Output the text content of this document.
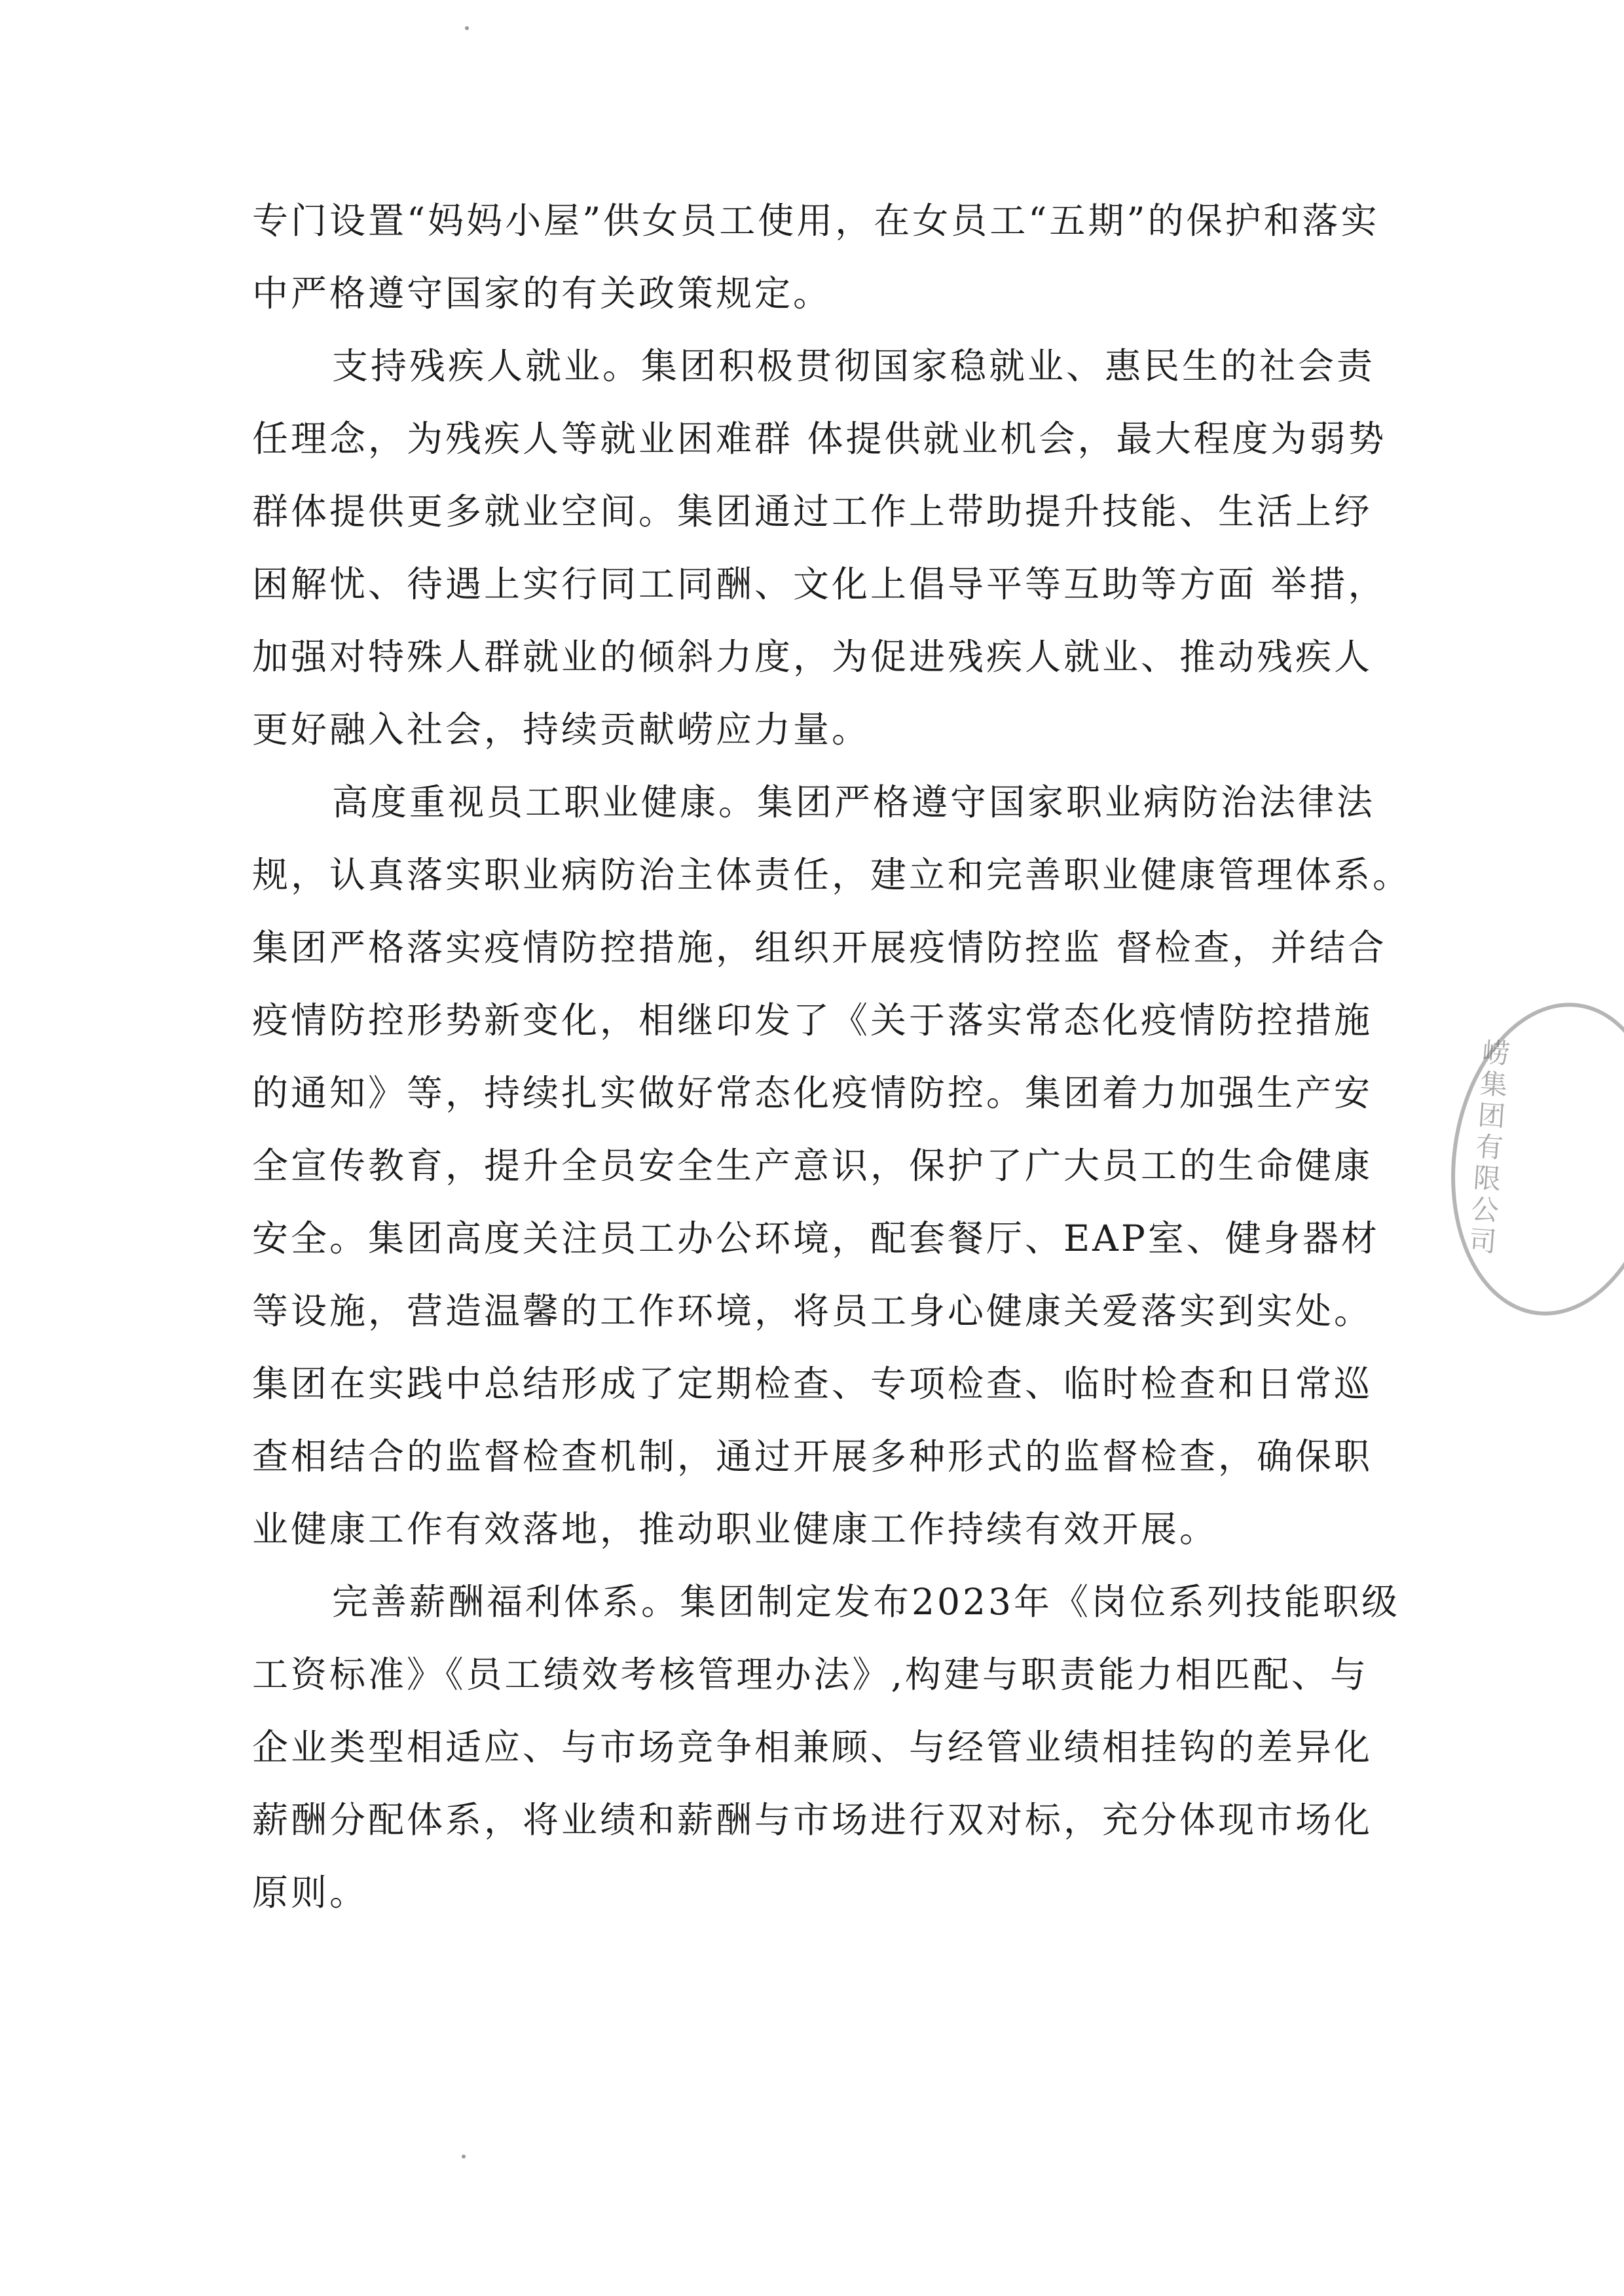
专门设置“妈妈小屋”供女员工使用，在女员工“五期”的保护和落实
中严格遵守国家的有关政策规定。
支持残疾人就业。集团积极贯彻国家稳就业、惠民生的社会责
任理念，为残疾人等就业困难群 体提供就业机会，最大程度为弱势
群体提供更多就业空间。集团通过工作上带助提升技能、生活上纾
困解忧、待遇上实行同工同酬、文化上倡导平等互助等方面 举措，
加强对特殊人群就业的倾斜力度，为促进残疾人就业、推动残疾人
更好融入社会，持续贡献崂应力量。
高度重视员工职业健康。集团严格遵守国家职业病防治法律法
规，认真落实职业病防治主体责任，建立和完善职业健康管理体系。
集团严格落实疫情防控措施，组织开展疫情防控监 督检查，并结合
疫情防控形势新变化，相继印发了《关于落实常态化疫情防控措施
的通知》等，持续扎实做好常态化疫情防控。集团着力加强生产安
全宣传教育，提升全员安全生产意识，保护了广大员工的生命健康
安全。集团高度关注员工办公环境，配套餐厅、EAP室、健身器材
等设施，营造温馨的工作环境，将员工身心健康关爱落实到实处。
集团在实践中总结形成了定期检查、专项检查、临时检查和日常巡
查相结合的监督检查机制，通过开展多种形式的监督检查，确保职
业健康工作有效落地，推动职业健康工作持续有效开展。
完善薪酬福利体系。集团制定发布2023年《岗位系列技能职级
工资标准》《员工绩效考核管理办法》,构建与职责能力相匹配、与
企业类型相适应、与市场竞争相兼顾、与经管业绩相挂钩的差异化
薪酬分配体系，将业绩和薪酬与市场进行双对标，充分体现市场化
原则。
崂集团有限公司
